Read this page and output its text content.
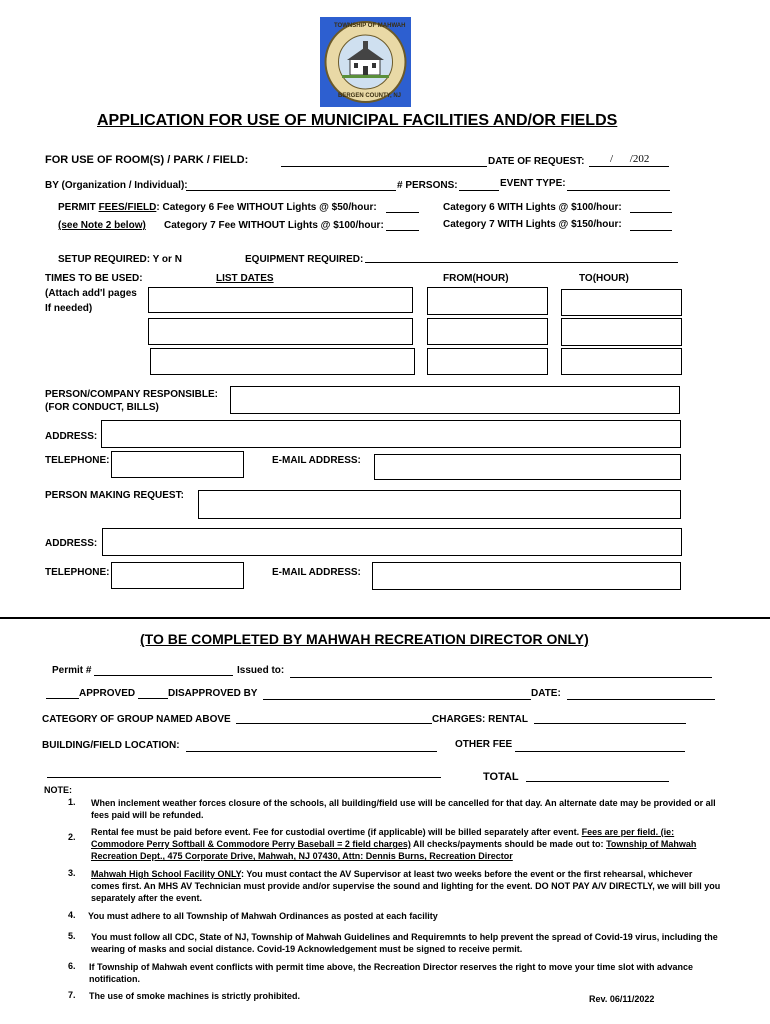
TOWNSHIP OF MAHWAH
BERGEN COUNTY, NJ
APPLICATION FOR USE OF MUNICIPAL FACILITIES AND/OR FIELDS
FOR USE OF ROOM(S) / PARK / FIELD:	DATE OF REQUEST: / /202
BY (Organization / Individual):	# PERSONS:	EVENT TYPE:
PERMIT FEES/FIELD: Category 6 Fee WITHOUT Lights @ $50/hour:	Category 6 WITH Lights @ $100/hour:
(see Note 2 below) Category 7 Fee WITHOUT Lights @ $100/hour:	Category 7 WITH Lights @ $150/hour:
SETUP REQUIRED: Y or N	EQUIPMENT REQUIRED:
TIMES TO BE USED:
(Attach add'l pages
If needed)
LIST DATES	FROM(HOUR)	TO(HOUR)
PERSON/COMPANY RESPONSIBLE:
(FOR CONDUCT, BILLS)
ADDRESS:
TELEPHONE:	E-MAIL ADDRESS:
PERSON MAKING REQUEST:
ADDRESS:
TELEPHONE:	E-MAIL ADDRESS:
(TO BE COMPLETED BY MAHWAH RECREATION DIRECTOR ONLY)
Permit #	Issued to:
APPROVED	DISAPPROVED BY	DATE:
CATEGORY OF GROUP NAMED ABOVE	CHARGES: RENTAL
BUILDING/FIELD LOCATION:	OTHER FEE
TOTAL
NOTE:
1. When inclement weather forces closure of the schools, all building/field use will be cancelled for that day. An alternate date may be provided or all fees paid will be refunded.
2. Rental fee must be paid before event. Fee for custodial overtime (if applicable) will be billed separately after event. Fees are per field. (ie: Commodore Perry Softball & Commodore Perry Baseball = 2 field charges) All checks/payments should be made out to: Township of Mahwah Recreation Dept., 475 Corporate Drive, Mahwah, NJ 07430, Attn: Dennis Burns, Recreation Director
3. Mahwah High School Facility ONLY: You must contact the AV Supervisor at least two weeks before the event or the first rehearsal, whichever comes first. An MHS AV Technician must provide and/or supervise the sound and lighting for the event. DO NOT PAY A/V DIRECTLY, we will bill you separately after the event.
4. You must adhere to all Township of Mahwah Ordinances as posted at each facility
5. You must follow all CDC, State of NJ, Township of Mahwah Guidelines and Requiremnts to help prevent the spread of Covid-19 virus, including the wearing of masks and social distance. Covid-19 Acknowledgement must be signed to receive permit.
6. If Township of Mahwah event conflicts with permit time above, the Recreation Director reserves the right to move your time slot with advance notification.
7. The use of smoke machines is strictly prohibited.	Rev. 06/11/2022
